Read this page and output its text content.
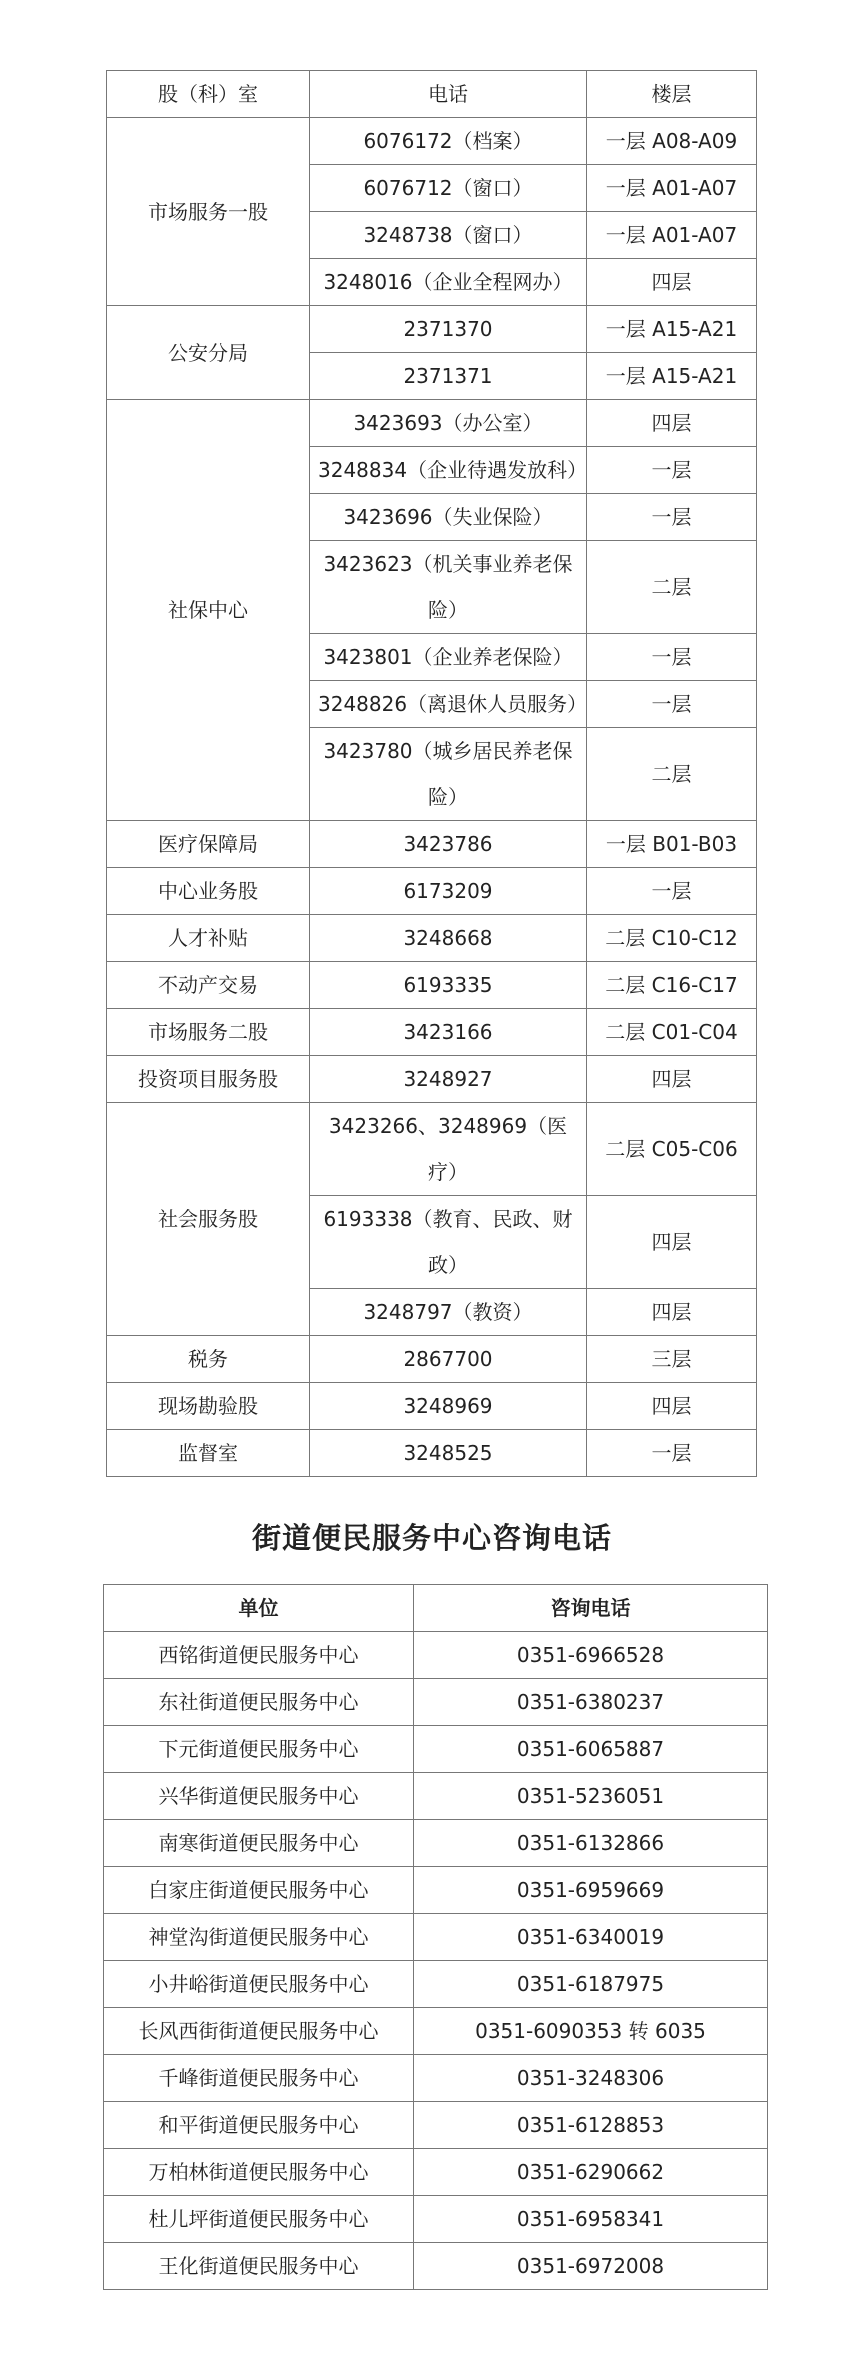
股（科）室	电话	楼层
市场服务一股	6076172（档案）	一层 A08-A09
	6076712（窗口）	一层 A01-A07
	3248738（窗口）	一层 A01-A07
	3248016（企业全程网办）	四层
公安分局	2371370	一层 A15-A21
	2371371	一层 A15-A21
社保中心	3423693（办公室）	四层
	3248834（企业待遇发放科）	一层
	3423696（失业保险）	一层
	3423623（机关事业养老保险）	二层
	3423801（企业养老保险）	一层
	3248826（离退休人员服务）	一层
	3423780（城乡居民养老保险）	二层
医疗保障局	3423786	一层 B01-B03
中心业务股	6173209	一层
人才补贴	3248668	二层 C10-C12
不动产交易	6193335	二层 C16-C17
市场服务二股	3423166	二层 C01-C04
投资项目服务股	3248927	四层
社会服务股	3423266、3248969（医疗）	二层 C05-C06
	6193338（教育、民政、财政）	四层
	3248797（教资）	四层
税务	2867700	三层
现场勘验股	3248969	四层
监督室	3248525	一层
街道便民服务中心咨询电话
单位	咨询电话
西铭街道便民服务中心	0351-6966528
东社街道便民服务中心	0351-6380237
下元街道便民服务中心	0351-6065887
兴华街道便民服务中心	0351-5236051
南寒街道便民服务中心	0351-6132866
白家庄街道便民服务中心	0351-6959669
神堂沟街道便民服务中心	0351-6340019
小井峪街道便民服务中心	0351-6187975
长风西街街道便民服务中心	0351-6090353 转 6035
千峰街道便民服务中心	0351-3248306
和平街道便民服务中心	0351-6128853
万柏林街道便民服务中心	0351-6290662
杜儿坪街道便民服务中心	0351-6958341
王化街道便民服务中心	0351-6972008
